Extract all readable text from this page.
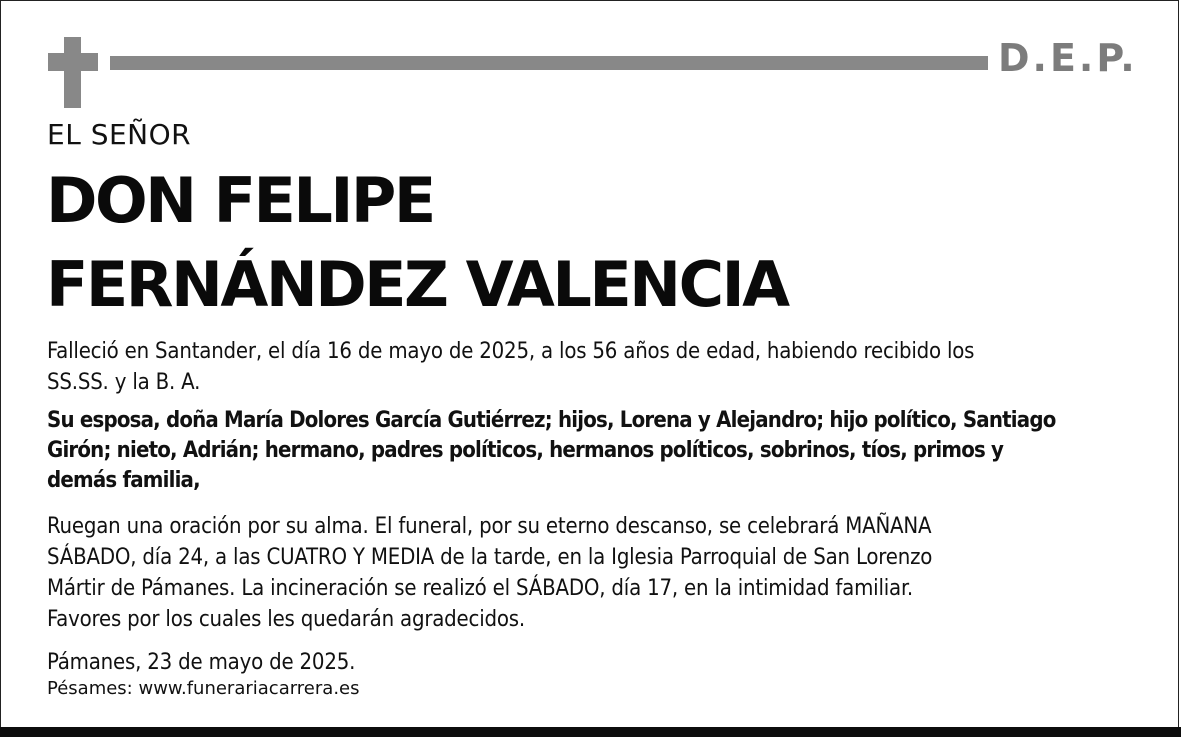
D.E.P.
EL SEÑOR
DON FELIPE
FERNÁNDEZ VALENCIA
Falleció en Santander, el día 16 de mayo de 2025, a los 56 años de edad, habiendo recibido los
SS.SS. y la B. A.
Su esposa, doña María Dolores García Gutiérrez; hijos, Lorena y Alejandro; hijo político, Santiago
Girón; nieto, Adrián; hermano, padres políticos, hermanos políticos, sobrinos, tíos, primos y
demás familia,
Ruegan una oración por su alma. El funeral, por su eterno descanso, se celebrará MAÑANA
SÁBADO, día 24, a las CUATRO Y MEDIA de la tarde, en la Iglesia Parroquial de San Lorenzo
Mártir de Pámanes. La incineración se realizó el SÁBADO, día 17, en la intimidad familiar.
Favores por los cuales les quedarán agradecidos.
Pámanes, 23 de mayo de 2025.
Pésames: www.funerariacarrera.es
